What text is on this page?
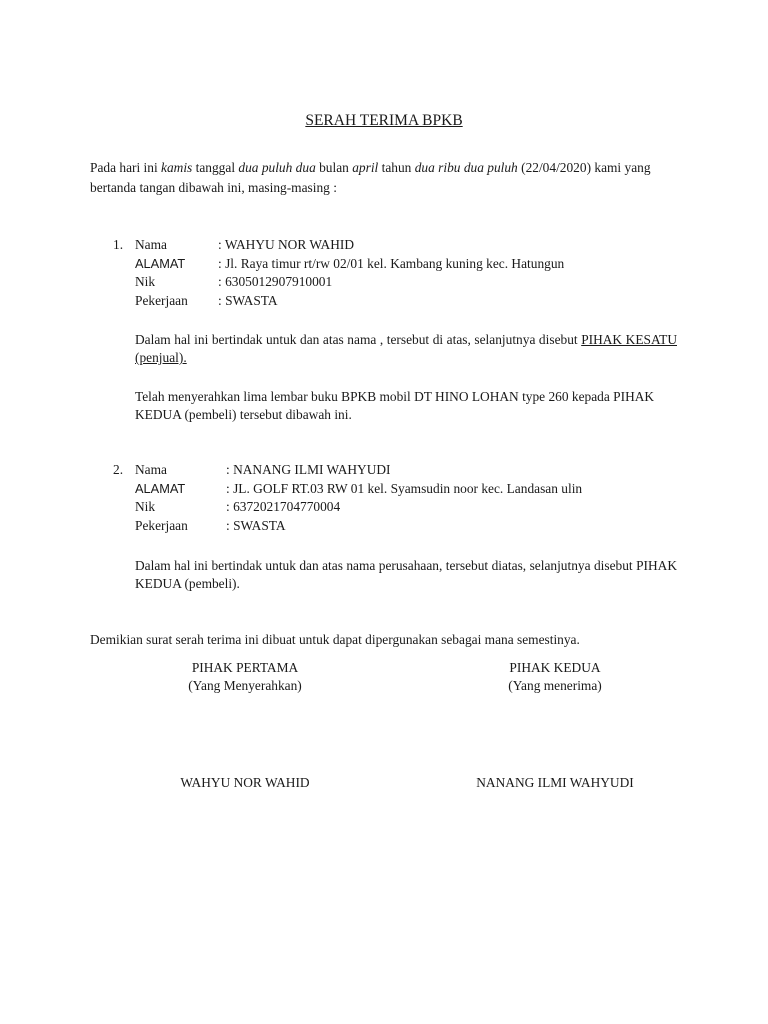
SERAH TERIMA BPKB
Pada hari ini kamis tanggal dua puluh dua bulan april tahun dua ribu dua puluh (22/04/2020) kami yang
bertanda tangan dibawah ini, masing-masing :
1. Nama	: WAHYU NOR WAHID
ALAMAT : Jl. Raya timur rt/rw 02/01 kel. Kambang kuning kec. Hatungun
Nik	: 6305012907910001
Pekerjaan : SWASTA
Dalam hal ini bertindak untuk dan atas nama , tersebut di atas, selanjutnya disebut PIHAK KESATU (penjual).
Telah menyerahkan lima lembar buku BPKB mobil DT HINO LOHAN type 260 kepada PIHAK KEDUA (pembeli) tersebut dibawah ini.
2. Nama	: NANANG ILMI WAHYUDI
ALAMAT	: JL. GOLF RT.03 RW 01 kel. Syamsudin noor kec. Landasan ulin
Nik	: 6372021704770004
Pekerjaan	: SWASTA
Dalam hal ini bertindak untuk dan atas nama perusahaan, tersebut diatas, selanjutnya disebut PIHAK KEDUA (pembeli).
Demikian surat serah terima ini dibuat untuk dapat dipergunakan sebagai mana semestinya.
PIHAK PERTAMA
(Yang Menyerahkan)
WAHYU NOR WAHID
PIHAK KEDUA
(Yang menerima)
NANANG ILMI WAHYUDI
